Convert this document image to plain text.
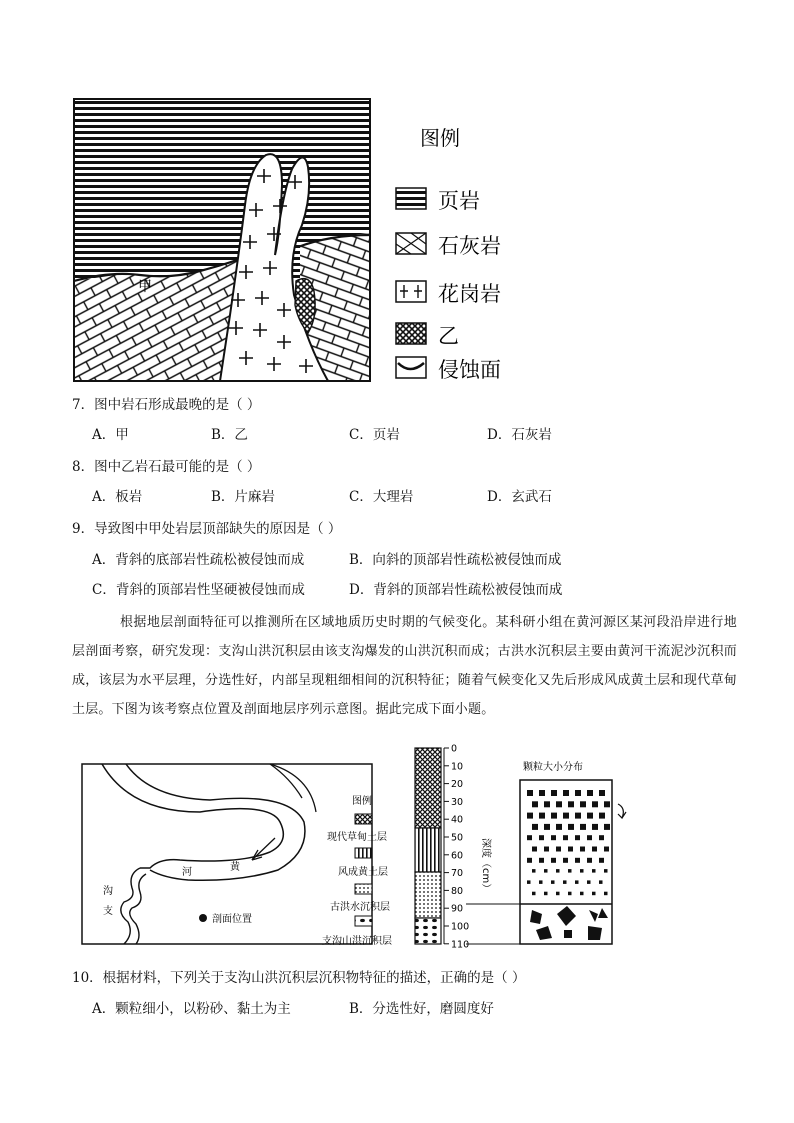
甲
图例
页岩
石灰岩
花岗岩
乙
侵蚀面
7．图中岩石形成最晚的是（ ）
A．甲	B．乙	C．页岩	D．石灰岩
8．图中乙岩石最可能的是（ ）
A．板岩	B．片麻岩	C．大理岩	D．玄武石
9．导致图中甲处岩层顶部缺失的原因是（ ）
A．背斜的底部岩性疏松被侵蚀而成	B．向斜的顶部岩性疏松被侵蚀而成
C．背斜的顶部岩性坚硬被侵蚀而成	D．背斜的顶部岩性疏松被侵蚀而成
根据地层剖面特征可以推测所在区域地质历史时期的气候变化。某科研小组在黄河源区某河段沿岸进行地层剖面考察，研究发现：支沟山洪沉积层由该支沟爆发的山洪沉积而成；古洪水沉积层主要由黄河干流泥沙沉积而成，该层为水平层理，分选性好，内部呈现粗细相间的沉积特征；随着气候变化又先后形成风成黄土层和现代草甸土层。下图为该考察点位置及剖面地层序列示意图。据此完成下面小题。
河	黄
沟
支
剖面位置
图例
现代草甸土层
风成黄土层
古洪水沉积层
支沟山洪沉积层
0
10
20
30
40
50
60
70
80
90
100
110
深度（cm）
颗粒大小分布
10．根据材料，下列关于支沟山洪沉积层沉积物特征的描述，正确的是（ ）
A．颗粒细小，以粉砂、黏土为主	B．分选性好，磨圆度好
